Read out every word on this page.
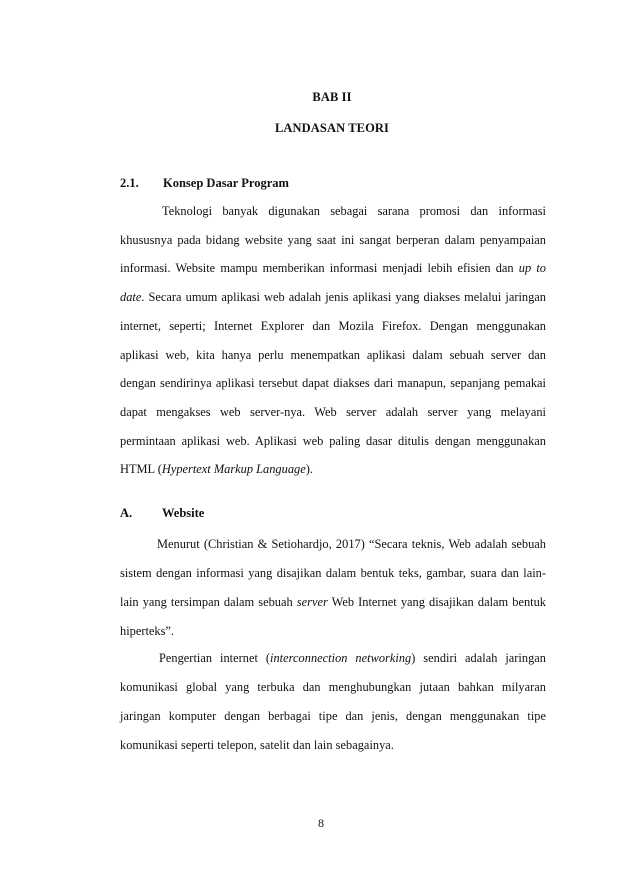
BAB II
LANDASAN TEORI
2.1. Konsep Dasar Program

Teknologi banyak digunakan sebagai sarana promosi dan informasi khususnya pada bidang website yang saat ini sangat berperan dalam penyampaian informasi. Website mampu memberikan informasi menjadi lebih efisien dan up to date. Secara umum aplikasi web adalah jenis aplikasi yang diakses melalui jaringan internet, seperti; Internet Explorer dan Mozila Firefox. Dengan menggunakan aplikasi web, kita hanya perlu menempatkan aplikasi dalam sebuah server dan dengan sendirinya aplikasi tersebut dapat diakses dari manapun, sepanjang pemakai dapat mengakses web server-nya. Web server adalah server yang melayani permintaan aplikasi web. Aplikasi web paling dasar ditulis dengan menggunakan HTML (Hypertext Markup Language).

A. Website

Menurut (Christian & Setiohardjo, 2017) “Secara teknis, Web adalah sebuah sistem dengan informasi yang disajikan dalam bentuk teks, gambar, suara dan lain-lain yang tersimpan dalam sebuah server Web Internet yang disajikan dalam bentuk hiperteks”.

Pengertian internet (interconnection networking) sendiri adalah jaringan komunikasi global yang terbuka dan menghubungkan jutaan bahkan milyaran jaringan komputer dengan berbagai tipe dan jenis, dengan menggunakan tipe komunikasi seperti telepon, satelit dan lain sebagainya.

8
